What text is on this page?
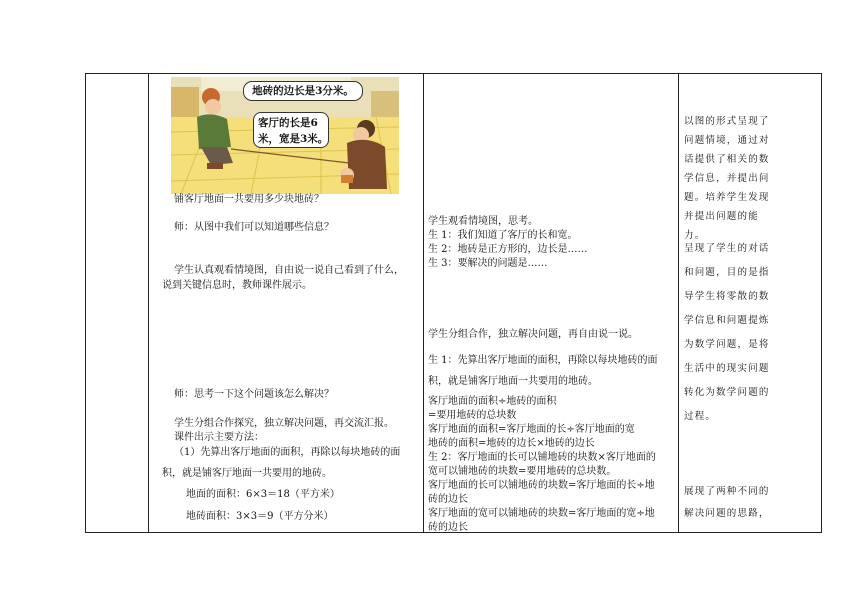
地砖的边长是3分米。
客厅的长是6
米，宽是3米。
铺客厅地面一共要用多少块地砖？
师：从图中我们可以知道哪些信息？
学生认真观看情境图，自由说一说自己看到了什么，
说到关键信息时，教师课件展示。
师：思考一下这个问题该怎么解决？
学生分组合作探究，独立解决问题，再交流汇报。
课件出示主要方法：
（1）先算出客厅地面的面积，再除以每块地砖的面
积，就是铺客厅地面一共要用的地砖。
地面的面积：6×3＝18（平方米）
地砖面积：3×3＝9（平方分米）
学生观看情境图，思考。
生 1：我们知道了客厅的长和宽。
生 2：地砖是正方形的，边长是……
生 3：要解决的问题是……
学生分组合作，独立解决问题，再自由说一说。
生 1：先算出客厅地面的面积，再除以每块地砖的面
积，就是铺客厅地面一共要用的地砖。
客厅地面的面积÷地砖的面积
=要用地砖的总块数
客厅地面的面积=客厅地面的长÷客厅地面的宽
地砖的面积=地砖的边长×地砖的边长
生 2：客厅地面的长可以铺地砖的块数×客厅地面的
宽可以铺地砖的块数=要用地砖的总块数。
客厅地面的长可以铺地砖的块数=客厅地面的长÷地
砖的边长
客厅地面的宽可以铺地砖的块数=客厅地面的宽÷地
砖的边长
以图的形式呈现了
问题情境，通过对
话提供了相关的数
学信息，并提出问
题。培养学生发现
并提出问题的能
力。
呈现了学生的对话
和问题，目的是指
导学生将零散的数
学信息和问题提炼
为数学问题，是将
生活中的现实问题
转化为数学问题的
过程。
展现了两种不同的
解决问题的思路，
